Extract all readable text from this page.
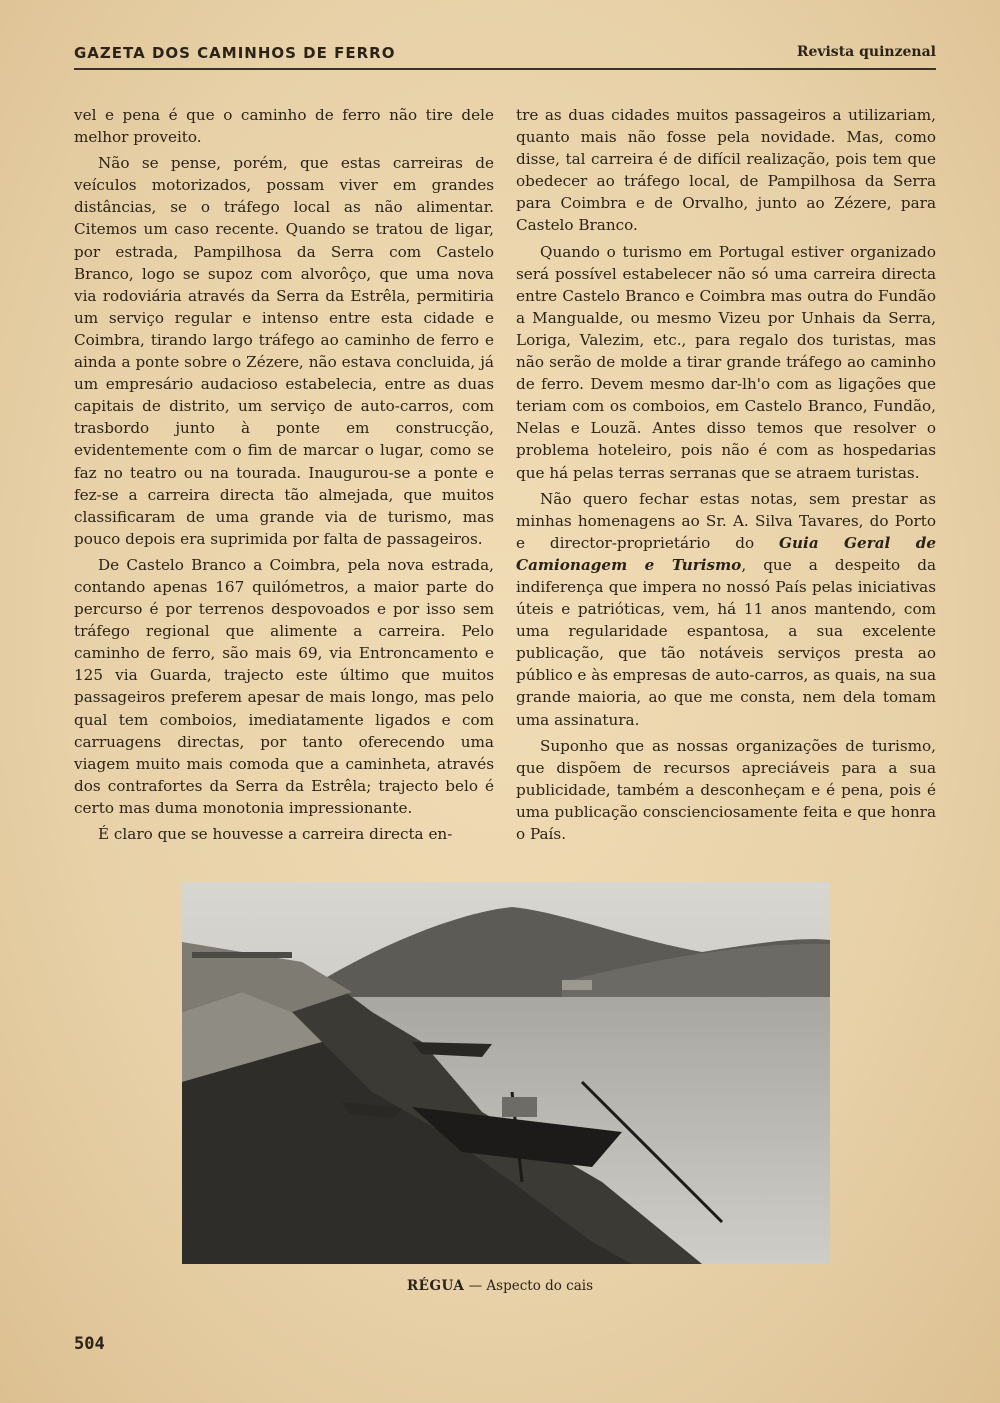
GAZETA DOS CAMINHOS DE FERRO	Revista quinzenal

vel e pena é que o caminho de ferro não tire dele melhor proveito.

Não se pense, porém, que estas carreiras de veículos motorizados, possam viver em grandes distâncias, se o tráfego local as não alimentar. Citemos um caso recente. Quando se tratou de ligar, por estrada, Pampilhosa da Serra com Castelo Branco, logo se supoz com alvorôço, que uma nova via rodoviária através da Serra da Estrêla, permitiria um serviço regular e intenso entre esta cidade e Coimbra, tirando largo tráfego ao caminho de ferro e ainda a ponte sobre o Zézere, não estava concluida, já um empresário audacioso estabelecia, entre as duas capitais de distrito, um serviço de auto-carros, com trasbordo junto à ponte em construcção, evidentemente com o fim de marcar o lugar, como se faz no teatro ou na tourada. Inaugurou-se a ponte e fez-se a carreira directa tão almejada, que muitos classificaram de uma grande via de turismo, mas pouco depois era suprimida por falta de passageiros.

De Castelo Branco a Coimbra, pela nova estrada, contando apenas 167 quilómetros, a maior parte do percurso é por terrenos despovoados e por isso sem tráfego regional que alimente a carreira. Pelo caminho de ferro, são mais 69, via Entroncamento e 125 via Guarda, trajecto este último que muitos passageiros preferem apesar de mais longo, mas pelo qual tem comboios, imediatamente ligados e com carruagens directas, por tanto oferecendo uma viagem muito mais comoda que a caminheta, através dos contrafortes da Serra da Estrêla; trajecto belo é certo mas duma monotonia impressionante.

É claro que se houvesse a carreira directa en-

tre as duas cidades muitos passageiros a utilizariam, quanto mais não fosse pela novidade. Mas, como disse, tal carreira é de difícil realização, pois tem que obedecer ao tráfego local, de Pampilhosa da Serra para Coimbra e de Orvalho, junto ao Zézere, para Castelo Branco.

Quando o turismo em Portugal estiver organizado será possível estabelecer não só uma carreira directa entre Castelo Branco e Coimbra mas outra do Fundão a Mangualde, ou mesmo Vizeu por Unhais da Serra, Loriga, Valezim, etc., para regalo dos turistas, mas não serão de molde a tirar grande tráfego ao caminho de ferro. Devem mesmo dar-lh'o com as ligações que teriam com os comboios, em Castelo Branco, Fundão, Nelas e Louzã. Antes disso temos que resolver o problema hoteleiro, pois não é com as hospedarias que há pelas terras serranas que se atraem turistas.

Não quero fechar estas notas, sem prestar as minhas homenagens ao Sr. A. Silva Tavares, do Porto e director-proprietário do Guia Geral de Camionagem e Turismo, que a despeito da indiferença que impera no nossó País pelas iniciativas úteis e patrióticas, vem, há 11 anos mantendo, com uma regularidade espantosa, a sua excelente publicação, que tão notáveis serviços presta ao público e às empresas de auto-carros, as quais, na sua grande maioria, ao que me consta, nem dela tomam uma assinatura.

Suponho que as nossas organizações de turismo, que dispõem de recursos apreciáveis para a sua publicidade, também a desconheçam e é pena, pois é uma publicação conscienciosamente feita e que honra o País.

RÉGUA — Aspecto do cais
504
